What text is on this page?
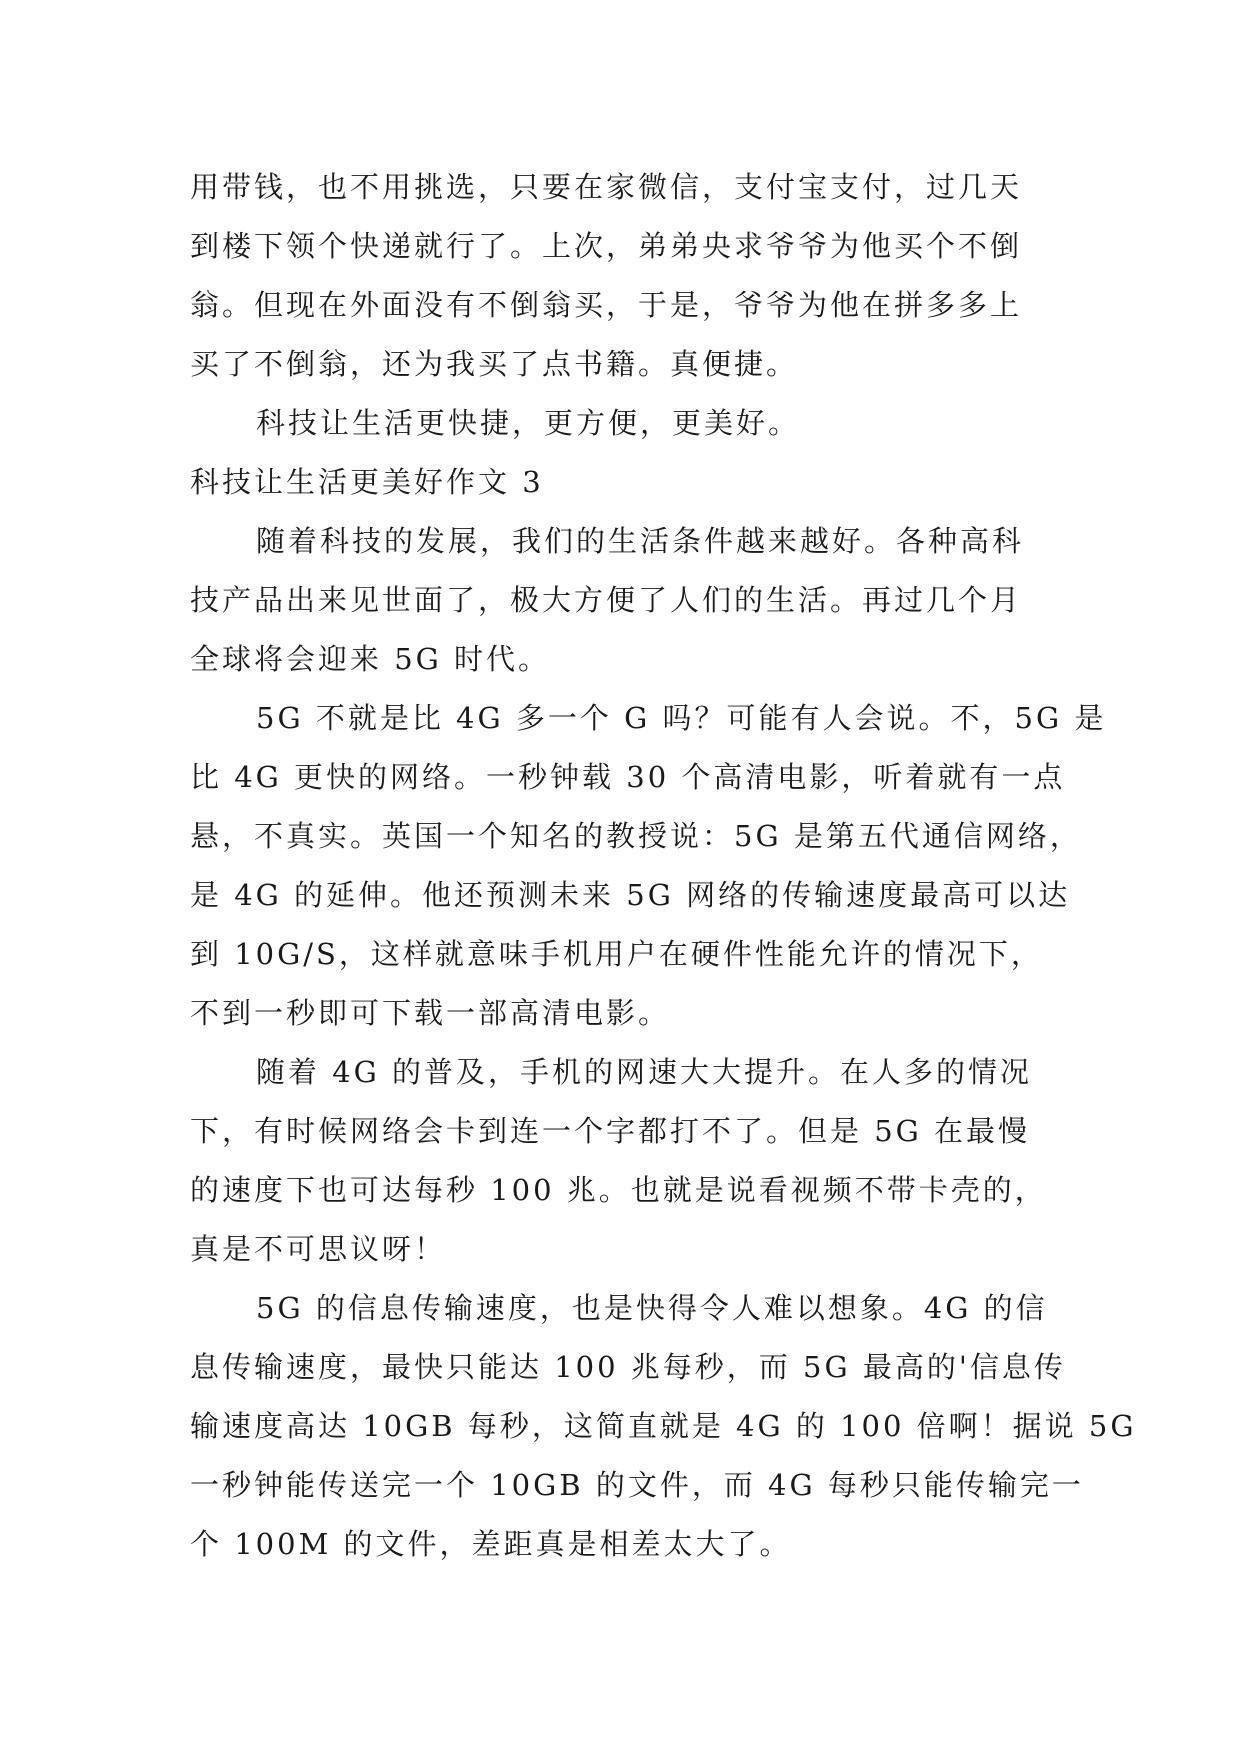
用带钱，也不用挑选，只要在家微信，支付宝支付，过几天
到楼下领个快递就行了。上次，弟弟央求爷爷为他买个不倒
翁。但现在外面没有不倒翁买，于是，爷爷为他在拼多多上
买了不倒翁，还为我买了点书籍。真便捷。
科技让生活更快捷，更方便，更美好。
科技让生活更美好作文 3
随着科技的发展，我们的生活条件越来越好。各种高科
技产品出来见世面了，极大方便了人们的生活。再过几个月
全球将会迎来 5G 时代。
5G 不就是比 4G 多一个 G 吗？可能有人会说。不，5G 是
比 4G 更快的网络。一秒钟载 30 个高清电影，听着就有一点
悬，不真实。英国一个知名的教授说：5G 是第五代通信网络，
是 4G 的延伸。他还预测未来 5G 网络的传输速度最高可以达
到 10G/S，这样就意味手机用户在硬件性能允许的情况下，
不到一秒即可下载一部高清电影。
随着 4G 的普及，手机的网速大大提升。在人多的情况
下，有时候网络会卡到连一个字都打不了。但是 5G 在最慢
的速度下也可达每秒 100 兆。也就是说看视频不带卡壳的，
真是不可思议呀！
5G 的信息传输速度，也是快得令人难以想象。4G 的信
息传输速度，最快只能达 100 兆每秒，而 5G 最高的'信息传
输速度高达 10GB 每秒，这简直就是 4G 的 100 倍啊！据说 5G
一秒钟能传送完一个 10GB 的文件，而 4G 每秒只能传输完一
个 100M 的文件，差距真是相差太大了。
